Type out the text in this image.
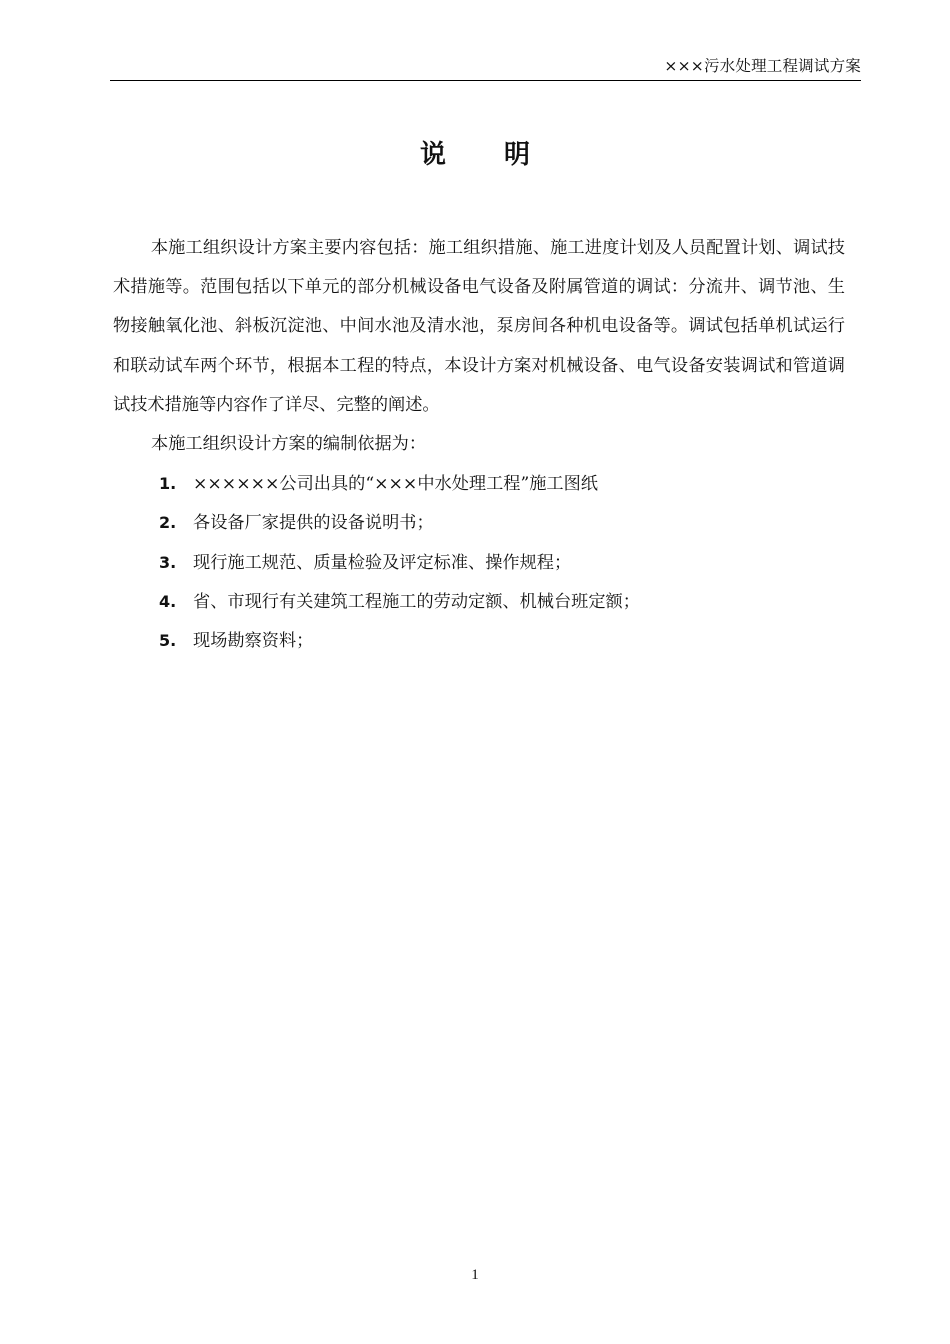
×××污水处理工程调试方案
说明

本施工组织设计方案主要内容包括：施工组织措施、施工进度计划及人员配置计划、调试技术措施等。范围包括以下单元的部分机械设备电气设备及附属管道的调试：分流井、调节池、生物接触氧化池、斜板沉淀池、中间水池及清水池，泵房间各种机电设备等。调试包括单机试运行和联动试车两个环节，根据本工程的特点，本设计方案对机械设备、电气设备安装调试和管道调试技术措施等内容作了详尽、完整的阐述。

本施工组织设计方案的编制依据为：

1. ××××××公司出具的“×××中水处理工程”施工图纸
2. 各设备厂家提供的设备说明书；
3. 现行施工规范、质量检验及评定标准、操作规程；
4. 省、市现行有关建筑工程施工的劳动定额、机械台班定额；
5. 现场勘察资料；
1
